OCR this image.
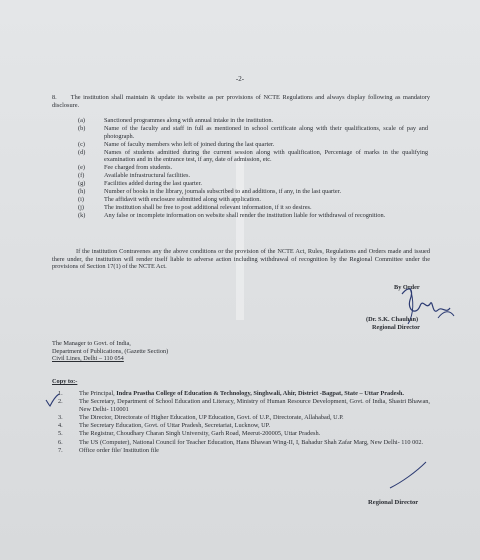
-2-
8. The institution shall maintain & update its website as per provisions of NCTE Regulations and always display following as mandatory disclosure.
(a)	Sanctioned programmes along with annual intake in the institution.
(b)	Name of the faculty and staff in full as mentioned in school certificate along with their qualifications, scale of pay and photograph.
(c)	Name of faculty members who left of joined during the last quarter.
(d)	Names of students admitted during the current session along with qualification, Percentage of marks in the qualifying examination and in the entrance test, if any, date of admission, etc.
(e)	Fee charged from students.
(f)	Available infrastructural facilities.
(g)	Facilities added during the last quarter.
(h)	Number of books in the library, journals subscribed to and additions, if any, in the last quarter.
(i)	The affidavit with enclosure submitted along with application.
(j)	The institution shall be free to post additional relevant information, if it so desires.
(k)	Any false or incomplete information on website shall render the institution liable for withdrawal of recognition.
If the institution Contravenes any the above conditions or the provision of the NCTE Act, Rules, Regulations and Orders made and issued there under, the institution will render itself liable to adverse action including withdrawal of recognition by the Regional Committee under the provisions of Section 17(1) of the NCTE Act.
By Order
(Dr. S.K. Chauhan)
Regional Director
The Manager to Govt. of India,
Department of Publications, (Gazette Section)
Civil Lines, Delhi – 110 054
Copy to:-
1.	The Principal, Indra Prastha College of Education & Technology, Singhwali, Ahir, District -Bagpat, State – Uttar Pradesh.
2.	The Secretary, Department of School Education and Literacy, Ministry of Human Resource Development, Govt. of India, Shastri Bhawan, New Delhi- 110001
3.	The Director, Directorate of Higher Education, UP Education, Govt. of U.P., Directorate, Allahabad, U.P.
4.	The Secretary Education, Govt. of Uttar Pradesh, Secretariat, Lucknow, UP.
5.	The Registrar, Choudhary Charan Singh University, Garh Road, Meerut-200005, Uttar Pradesh.
6.	The US (Computer), National Council for Teacher Education, Hans Bhawan Wing-II, I, Bahadur Shah Zafar Marg, New Delhi- 110 002.
7.	Office order file/ Institution file
Regional Director
